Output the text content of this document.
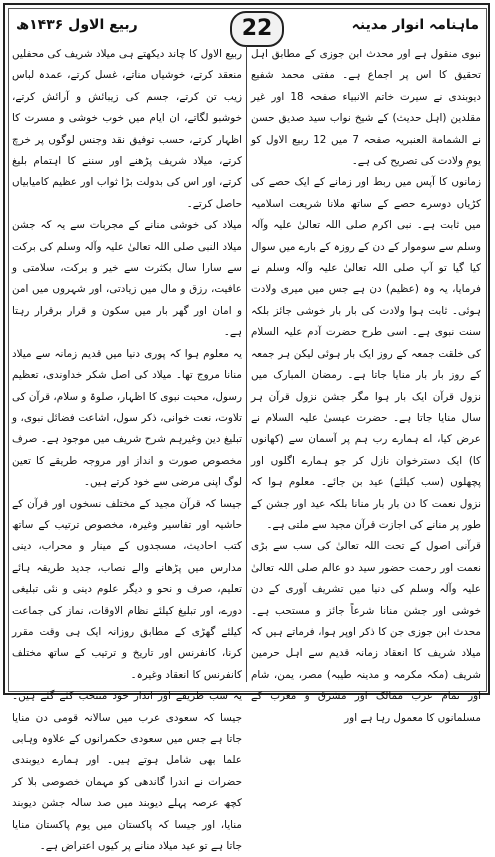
ربیع الاول ۱۴۳۶ھ	22	ماہنامہ انوار مدینہ

نبوی منقول ہے اور محدث ابن جوزی کے مطابق اہل تحقیق کا اس پر اجماع ہے۔ مفتی محمد شفیع دیوبندی نے سیرت خاتم الانبیاء صفحہ 18 اور غیر مقلدین (اہل حدیث) کے شیخ نواب سید صدیق حسن نے الشمامة العنبریہ صفحہ 7 میں 12 ربیع الاول کو یومِ ولادت کی تصریح کی ہے۔

زمانوں کا آپس میں ربط اور زمانے کے ایک حصے کی کڑیاں دوسرے حصے کے ساتھ ملانا شریعت اسلامیہ میں ثابت ہے۔ نبی اکرم صلی اللہ تعالیٰ علیہ وآلہ وسلم سے سوموار کے دن کے روزہ کے بارے میں سوال کیا گیا تو آپ صلی اللہ تعالیٰ علیہ وآلہ وسلم نے فرمایا، یہ وہ (عظیم) دن ہے جس میں میری ولادت ہوئی۔ ثابت ہوا ولادت کی بار بار خوشی جائز بلکہ سنت نبوی ہے۔ اسی طرح حضرت آدم علیہ السلام کی خلقت جمعہ کے روز ایک بار ہوئی لیکن ہر جمعہ کے روز بار بار منایا جاتا ہے۔ رمضان المبارک میں نزول قرآن ایک بار ہوا مگر جشن نزول قرآن ہر سال منایا جاتا ہے۔ حضرت عیسیٰ علیہ السلام نے عرض کیا، اے ہمارے رب ہم پر آسمان سے (کھانوں کا) ایک دسترخوان نازل کر جو ہمارے اگلوں اور پچھلوں (سب کیلئے) عید بن جائے۔ معلوم ہوا کہ نزول نعمت کا دن بار بار منانا بلکہ عید اور جشن کے طور پر منانے کی اجازت قرآن مجید سے ملتی ہے۔

قرآنی اصول کے تحت اللہ تعالیٰ کی سب سے بڑی نعمت اور رحمت حضور سید دو عالم صلی اللہ تعالیٰ علیہ وآلہ وسلم کی دنیا میں تشریف آوری کے دن خوشی اور جشن منانا شرعاً جائز و مستحب ہے۔ محدث ابن جوزی جن کا ذکر اوپر ہوا، فرماتے ہیں کہ میلاد شریف کا انعقاد زمانہ قدیم سے اہل حرمین شریف (مکہ مکرمہ و مدینہ طیبہ) مصر، یمن، شام اور تمام عرب ممالک اور مشرق و مغرب کے مسلمانوں کا معمول رہا ہے اور

ربیع الاول کا چاند دیکھتے ہی میلاد شریف کی محفلیں منعقد کرتے، خوشیاں مناتے، غسل کرتے، عمدہ لباس زیب تن کرتے، جسم کی زیبائش و آرائش کرتے، خوشبو لگاتے، ان ایام میں خوب خوشی و مسرت کا اظہار کرتے، حسب توفیق نقد وجنس لوگوں پر خرچ کرتے، میلاد شریف پڑھنے اور سننے کا اہتمام بلیغ کرتے، اور اس کی بدولت بڑا ثواب اور عظیم کامیابیاں حاصل کرتے۔

میلاد کی خوشی منانے کے مجربات سے یہ کہ جشن میلاد النبی صلی اللہ تعالیٰ علیہ وآلہ وسلم کی برکت سے سارا سال بکثرت سے خیر و برکت، سلامتی و عافیت، رزق و مال میں زیادتی، اور شہروں میں امن و امان اور گھر بار میں سکون و قرار برقرار رہتا ہے۔

یہ معلوم ہوا کہ پوری دنیا میں قدیم زمانہ سے میلاد منانا مروج تھا۔ میلاد کی اصل شکر خداوندی، تعظیم رسول، محبت نبوی کا اظہار، صلوۃ و سلام، قرآن کی تلاوت، نعت خوانی، ذکر سول، اشاعت فضائل نبوی، و تبلیغ دین وغیرہم شرح شریف میں موجود ہے۔ صرف مخصوص صورت و انداز اور مروجہ طریقے کا تعین لوگ اپنی مرضی سے خود کرتے ہیں۔

جیسا کہ قرآن مجید کے مختلف نسخوں اور قرآن کے حاشیہ اور تفاسیر وغیرہ، مخصوص ترتیب کے ساتھ کتب احادیث، مسجدوں کے مینار و محراب، دینی مدارس میں پڑھانے والے نصاب، جدید طریقہ ہائے تعلیم، صرف و نحو و دیگر علوم دینی و نئی تبلیغی دورے، اور تبلیغ کیلئے نظام الاوقات، نماز کی جماعت کیلئے گھڑی کے مطابق روزانہ ایک ہی وقت مقرر کرنا، کانفرنس اور تاریخ و ترتیب کے ساتھ مختلف کانفرنس کا انعقاد وغیرہ۔

یہ سب طریقے اور انداز خود منتخب کئے گئے ہیں۔ جیسا کہ سعودی عرب میں سالانہ قومی دن منایا جاتا ہے جس میں سعودی حکمرانوں کے علاوہ وہابی علما بھی شامل ہوتے ہیں۔ اور ہمارے دیوبندی حضرات نے اندرا گاندھی کو مہمان خصوصی بلا کر کچھ عرصہ پہلے دیوبند میں صد سالہ جشن دیوبند منایا، اور جیسا کہ پاکستان میں یوم پاکستان منایا جاتا ہے تو عید میلاد منانے پر کیوں اعتراض ہے۔
